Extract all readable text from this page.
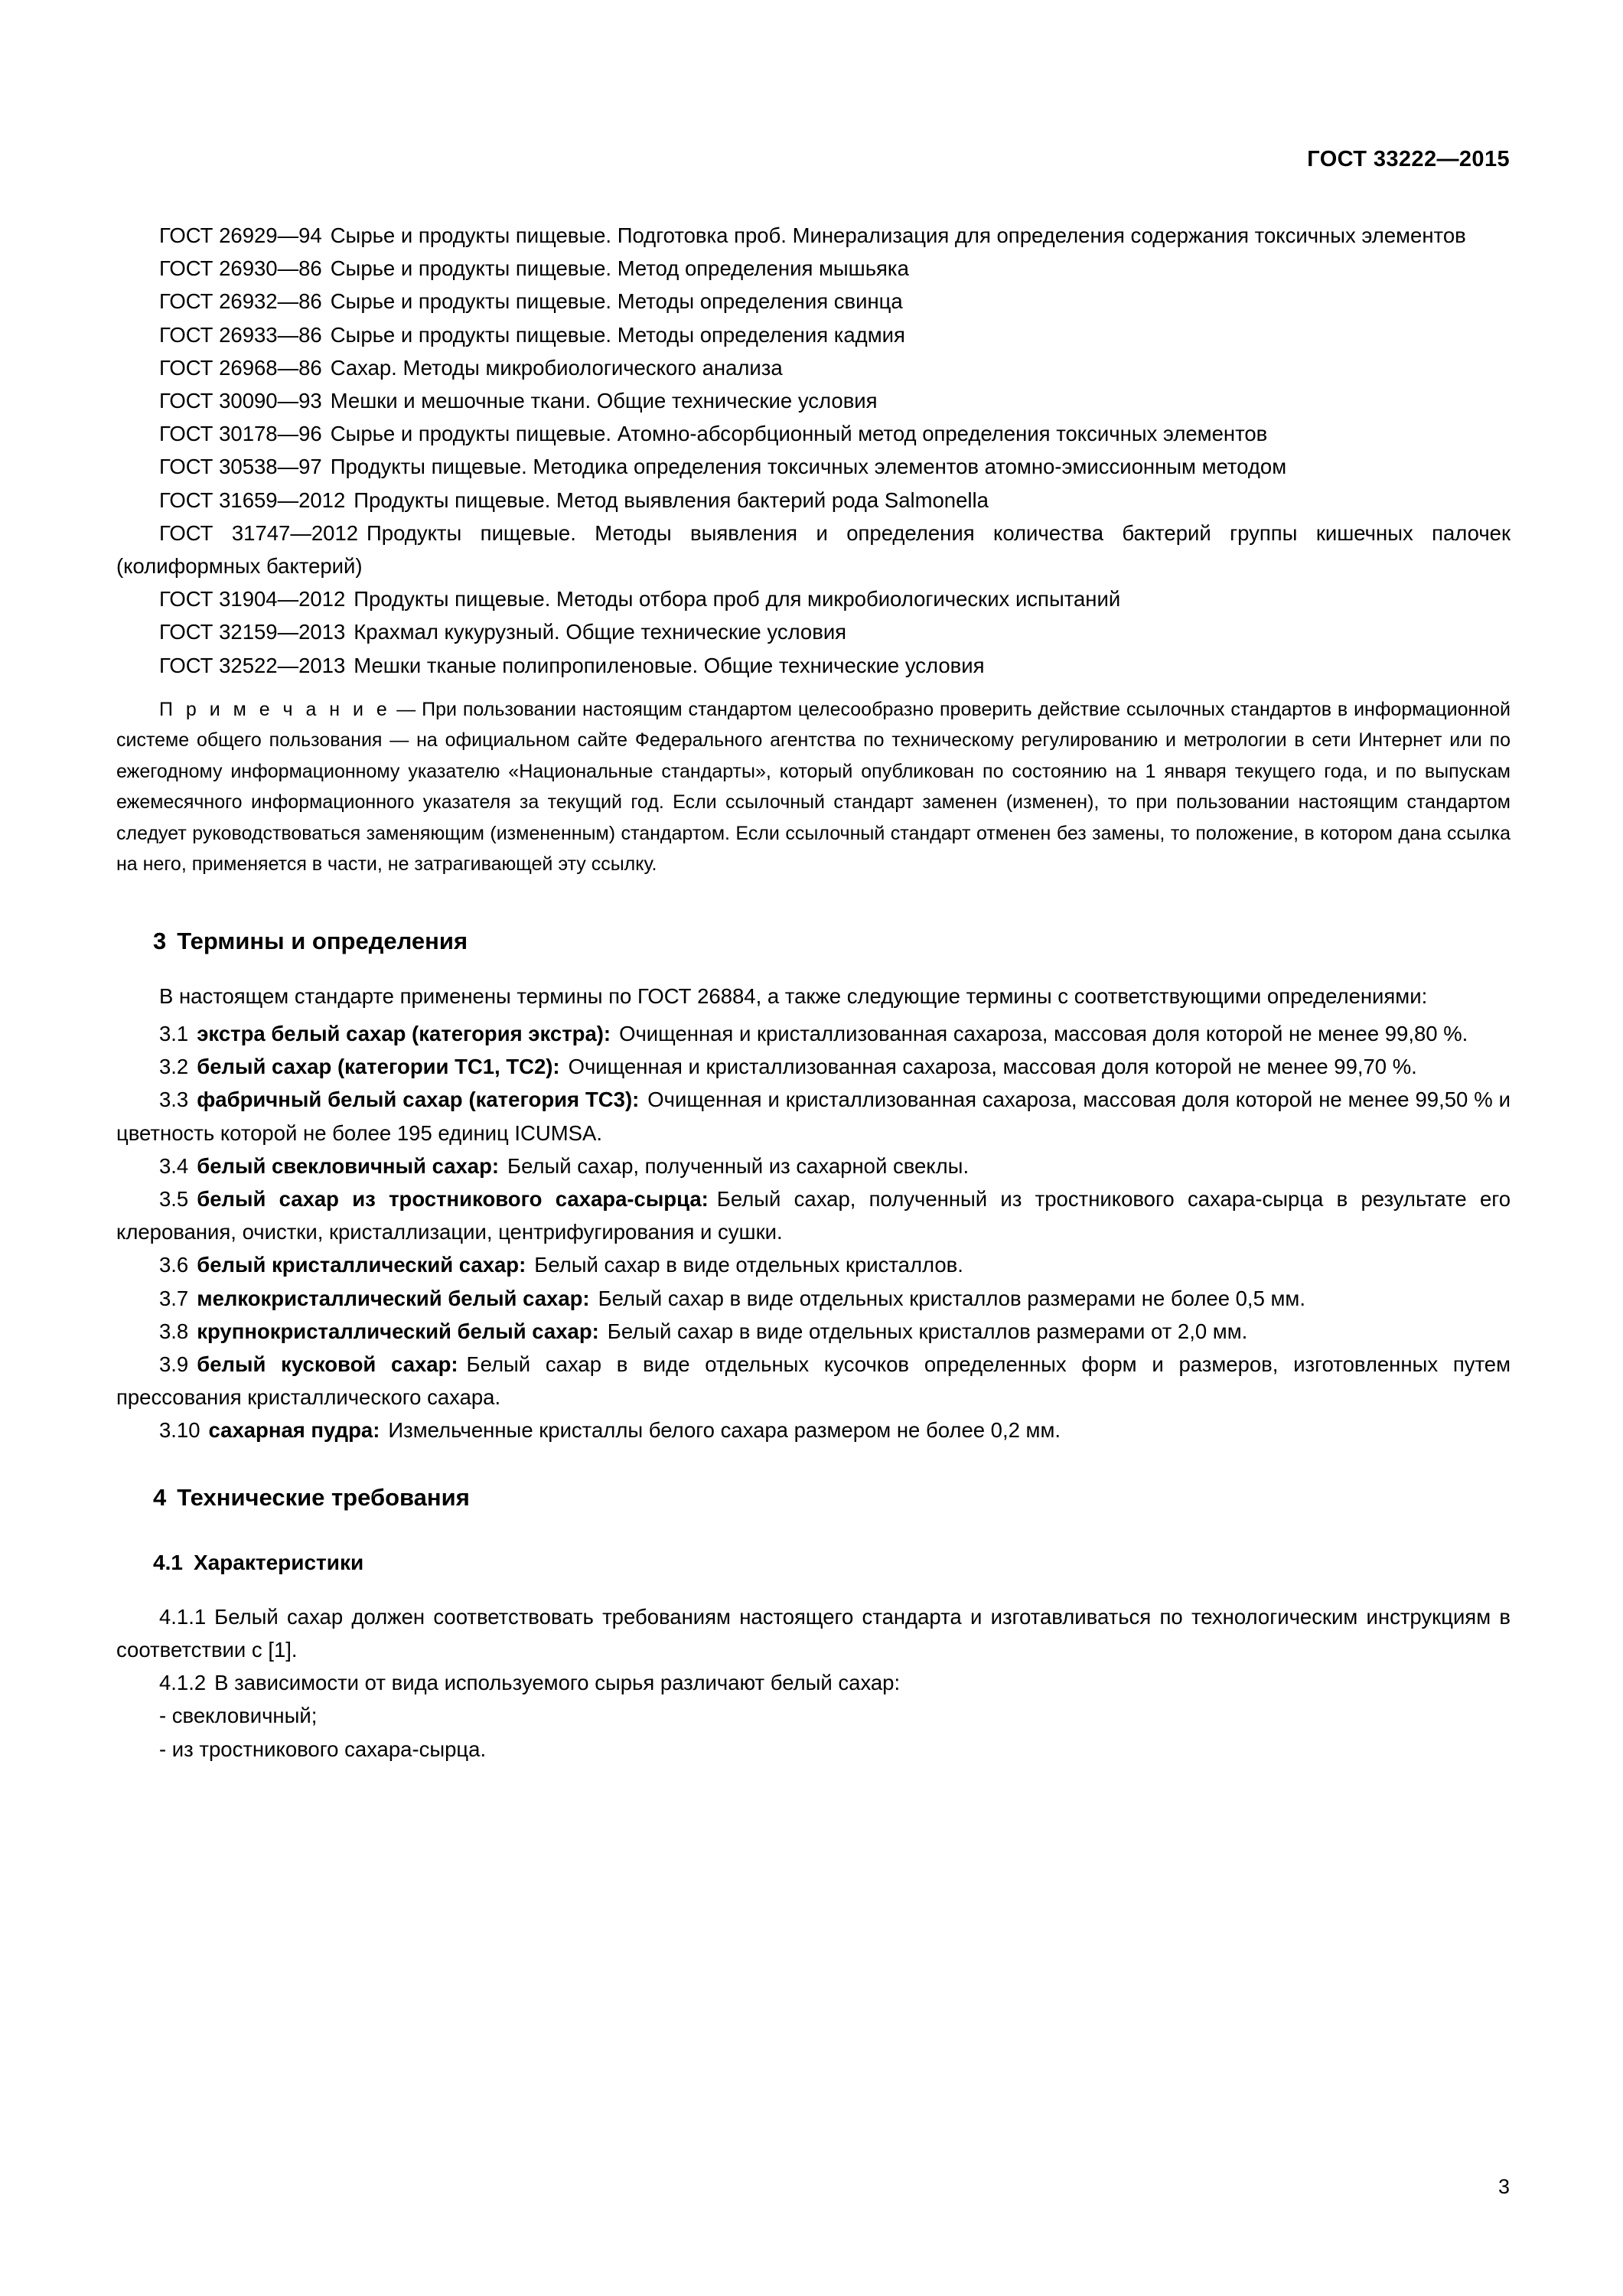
ГОСТ 33222—2015

ГОСТ 26929—94 Сырье и продукты пищевые. Подготовка проб. Минерализация для определения содержания токсичных элементов

ГОСТ 26930—86 Сырье и продукты пищевые. Метод определения мышьяка

ГОСТ 26932—86 Сырье и продукты пищевые. Методы определения свинца

ГОСТ 26933—86 Сырье и продукты пищевые. Методы определения кадмия

ГОСТ 26968—86 Сахар. Методы микробиологического анализа

ГОСТ 30090—93 Мешки и мешочные ткани. Общие технические условия

ГОСТ 30178—96 Сырье и продукты пищевые. Атомно-абсорбционный метод определения токсичных элементов

ГОСТ 30538—97 Продукты пищевые. Методика определения токсичных элементов атомно-эмиссионным методом

ГОСТ 31659—2012 Продукты пищевые. Метод выявления бактерий рода Salmonella

ГОСТ 31747—2012 Продукты пищевые. Методы выявления и определения количества бактерий группы кишечных палочек (колиформных бактерий)

ГОСТ 31904—2012 Продукты пищевые. Методы отбора проб для микробиологических испытаний

ГОСТ 32159—2013 Крахмал кукурузный. Общие технические условия

ГОСТ 32522—2013 Мешки тканые полипропиленовые. Общие технические условия

П р и м е ч а н и е — При пользовании настоящим стандартом целесообразно проверить действие ссылочных стандартов в информационной системе общего пользования — на официальном сайте Федерального агентства по техническому регулированию и метрологии в сети Интернет или по ежегодному информационному указателю «Национальные стандарты», который опубликован по состоянию на 1 января текущего года, и по выпускам ежемесячного информационного указателя за текущий год. Если ссылочный стандарт заменен (изменен), то при пользовании настоящим стандартом следует руководствоваться заменяющим (измененным) стандартом. Если ссылочный стандарт отменен без замены, то положение, в котором дана ссылка на него, применяется в части, не затрагивающей эту ссылку.

3 Термины и определения

В настоящем стандарте применены термины по ГОСТ 26884, а также следующие термины с соответствующими определениями:

3.1 экстра белый сахар (категория экстра): Очищенная и кристаллизованная сахароза, массовая доля которой не менее 99,80 %.

3.2 белый сахар (категории ТС1, ТС2): Очищенная и кристаллизованная сахароза, массовая доля которой не менее 99,70 %.

3.3 фабричный белый сахар (категория ТС3): Очищенная и кристаллизованная сахароза, массовая доля которой не менее 99,50 % и цветность которой не более 195 единиц ICUMSA.

3.4 белый свекловичный сахар: Белый сахар, полученный из сахарной свеклы.

3.5 белый сахар из тростникового сахара-сырца: Белый сахар, полученный из тростникового сахара-сырца в результате его клерования, очистки, кристаллизации, центрифугирования и сушки.

3.6 белый кристаллический сахар: Белый сахар в виде отдельных кристаллов.

3.7 мелкокристаллический белый сахар: Белый сахар в виде отдельных кристаллов размерами не более 0,5 мм.

3.8 крупнокристаллический белый сахар: Белый сахар в виде отдельных кристаллов размерами от 2,0 мм.

3.9 белый кусковой сахар: Белый сахар в виде отдельных кусочков определенных форм и размеров, изготовленных путем прессования кристаллического сахара.

3.10 сахарная пудра: Измельченные кристаллы белого сахара размером не более 0,2 мм.

4 Технические требования
4.1 Характеристики

4.1.1 Белый сахар должен соответствовать требованиям настоящего стандарта и изготавливаться по технологическим инструкциям в соответствии с [1].

4.1.2 В зависимости от вида используемого сырья различают белый сахар:

- свекловичный;

- из тростникового сахара-сырца.

3
